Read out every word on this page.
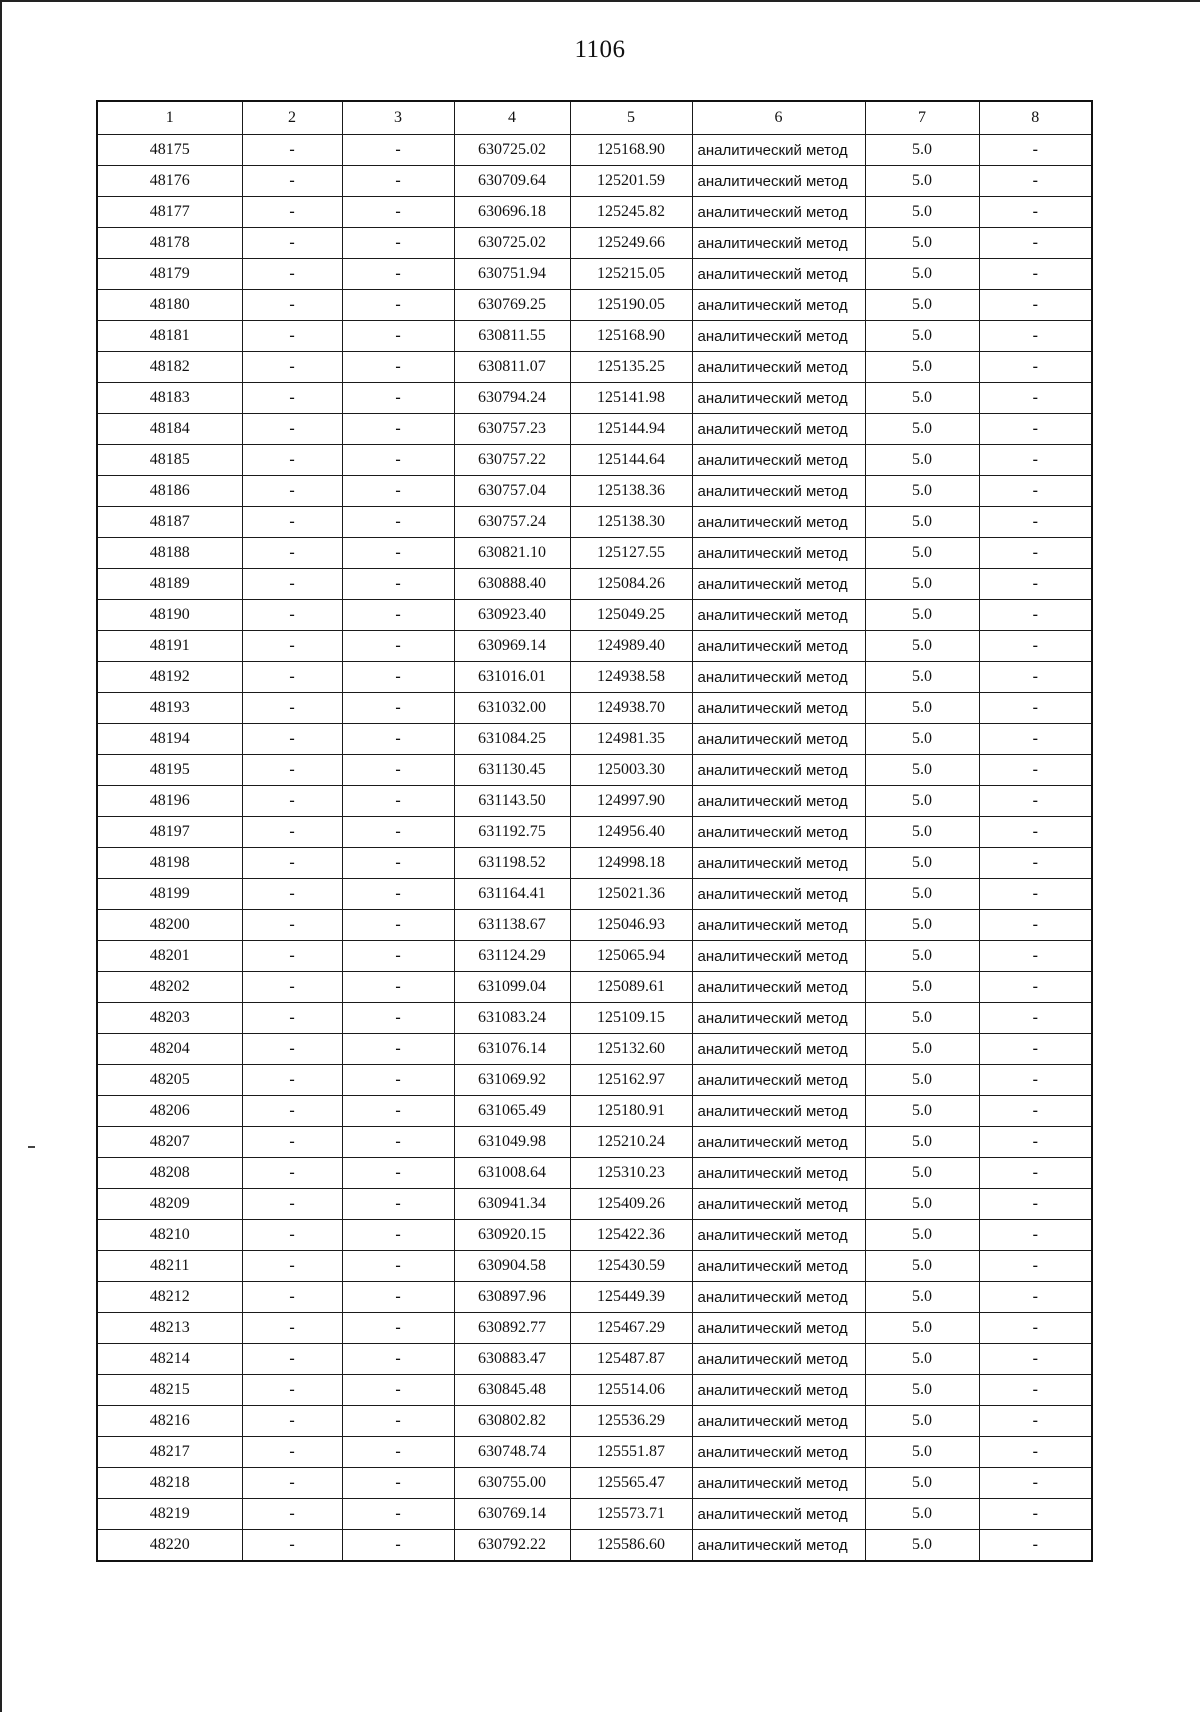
1106
1	2	3	4	5	6	7	8
48175	-	-	630725.02	125168.90	аналитический метод	5.0	-
48176	-	-	630709.64	125201.59	аналитический метод	5.0	-
48177	-	-	630696.18	125245.82	аналитический метод	5.0	-
48178	-	-	630725.02	125249.66	аналитический метод	5.0	-
48179	-	-	630751.94	125215.05	аналитический метод	5.0	-
48180	-	-	630769.25	125190.05	аналитический метод	5.0	-
48181	-	-	630811.55	125168.90	аналитический метод	5.0	-
48182	-	-	630811.07	125135.25	аналитический метод	5.0	-
48183	-	-	630794.24	125141.98	аналитический метод	5.0	-
48184	-	-	630757.23	125144.94	аналитический метод	5.0	-
48185	-	-	630757.22	125144.64	аналитический метод	5.0	-
48186	-	-	630757.04	125138.36	аналитический метод	5.0	-
48187	-	-	630757.24	125138.30	аналитический метод	5.0	-
48188	-	-	630821.10	125127.55	аналитический метод	5.0	-
48189	-	-	630888.40	125084.26	аналитический метод	5.0	-
48190	-	-	630923.40	125049.25	аналитический метод	5.0	-
48191	-	-	630969.14	124989.40	аналитический метод	5.0	-
48192	-	-	631016.01	124938.58	аналитический метод	5.0	-
48193	-	-	631032.00	124938.70	аналитический метод	5.0	-
48194	-	-	631084.25	124981.35	аналитический метод	5.0	-
48195	-	-	631130.45	125003.30	аналитический метод	5.0	-
48196	-	-	631143.50	124997.90	аналитический метод	5.0	-
48197	-	-	631192.75	124956.40	аналитический метод	5.0	-
48198	-	-	631198.52	124998.18	аналитический метод	5.0	-
48199	-	-	631164.41	125021.36	аналитический метод	5.0	-
48200	-	-	631138.67	125046.93	аналитический метод	5.0	-
48201	-	-	631124.29	125065.94	аналитический метод	5.0	-
48202	-	-	631099.04	125089.61	аналитический метод	5.0	-
48203	-	-	631083.24	125109.15	аналитический метод	5.0	-
48204	-	-	631076.14	125132.60	аналитический метод	5.0	-
48205	-	-	631069.92	125162.97	аналитический метод	5.0	-
48206	-	-	631065.49	125180.91	аналитический метод	5.0	-
48207	-	-	631049.98	125210.24	аналитический метод	5.0	-
48208	-	-	631008.64	125310.23	аналитический метод	5.0	-
48209	-	-	630941.34	125409.26	аналитический метод	5.0	-
48210	-	-	630920.15	125422.36	аналитический метод	5.0	-
48211	-	-	630904.58	125430.59	аналитический метод	5.0	-
48212	-	-	630897.96	125449.39	аналитический метод	5.0	-
48213	-	-	630892.77	125467.29	аналитический метод	5.0	-
48214	-	-	630883.47	125487.87	аналитический метод	5.0	-
48215	-	-	630845.48	125514.06	аналитический метод	5.0	-
48216	-	-	630802.82	125536.29	аналитический метод	5.0	-
48217	-	-	630748.74	125551.87	аналитический метод	5.0	-
48218	-	-	630755.00	125565.47	аналитический метод	5.0	-
48219	-	-	630769.14	125573.71	аналитический метод	5.0	-
48220	-	-	630792.22	125586.60	аналитический метод	5.0	-
